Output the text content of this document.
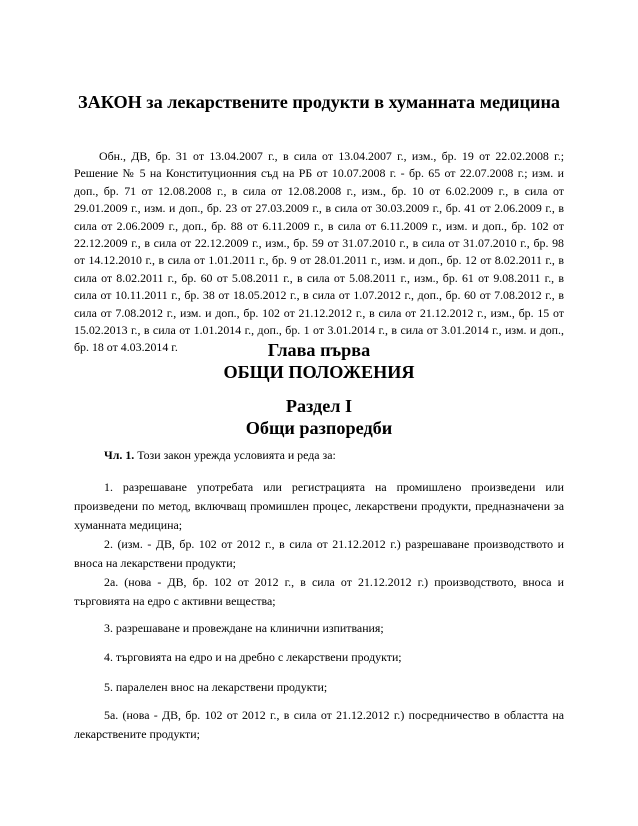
ЗАКОН за лекарствените продукти в хуманната медицина

Обн., ДВ, бр. 31 от 13.04.2007 г., в сила от 13.04.2007 г., изм., бр. 19 от 22.02.2008 г.; Решение № 5 на Конституционния съд на РБ от 10.07.2008 г. - бр. 65 от 22.07.2008 г.; изм. и доп., бр. 71 от 12.08.2008 г., в сила от 12.08.2008 г., изм., бр. 10 от 6.02.2009 г., в сила от 29.01.2009 г., изм. и доп., бр. 23 от 27.03.2009 г., в сила от 30.03.2009 г., бр. 41 от 2.06.2009 г., в сила от 2.06.2009 г., доп., бр. 88 от 6.11.2009 г., в сила от 6.11.2009 г., изм. и доп., бр. 102 от 22.12.2009 г., в сила от 22.12.2009 г., изм., бр. 59 от 31.07.2010 г., в сила от 31.07.2010 г., бр. 98 от 14.12.2010 г., в сила от 1.01.2011 г., бр. 9 от 28.01.2011 г., изм. и доп., бр. 12 от 8.02.2011 г., в сила от 8.02.2011 г., бр. 60 от 5.08.2011 г., в сила от 5.08.2011 г., изм., бр. 61 от 9.08.2011 г., в сила от 10.11.2011 г., бр. 38 от 18.05.2012 г., в сила от 1.07.2012 г., доп., бр. 60 от 7.08.2012 г., в сила от 7.08.2012 г., изм. и доп., бр. 102 от 21.12.2012 г., в сила от 21.12.2012 г., изм., бр. 15 от 15.02.2013 г., в сила от 1.01.2014 г., доп., бр. 1 от 3.01.2014 г., в сила от 3.01.2014 г., изм. и доп., бр. 18 от 4.03.2014 г.	Глава първа
ОБЩИ ПОЛОЖЕНИЯ
Раздел I
Общи разпоредби

Чл. 1. Този закон урежда условията и реда за:

1. разрешаване употребата или регистрацията на промишлено произведени или произведени по метод, включващ промишлен процес, лекарствени продукти, предназначени за хуманната медицина;

2. (изм. - ДВ, бр. 102 от 2012 г., в сила от 21.12.2012 г.) разрешаване производството и вноса на лекарствени продукти;

2а. (нова - ДВ, бр. 102 от 2012 г., в сила от 21.12.2012 г.) производството, вноса и търговията на едро с активни вещества;

3. разрешаване и провеждане на клинични изпитвания;

4. търговията на едро и на дребно с лекарствени продукти;

5. паралелен внос на лекарствени продукти;

5а. (нова - ДВ, бр. 102 от 2012 г., в сила от 21.12.2012 г.) посредничество в областта на лекарствените продукти;
